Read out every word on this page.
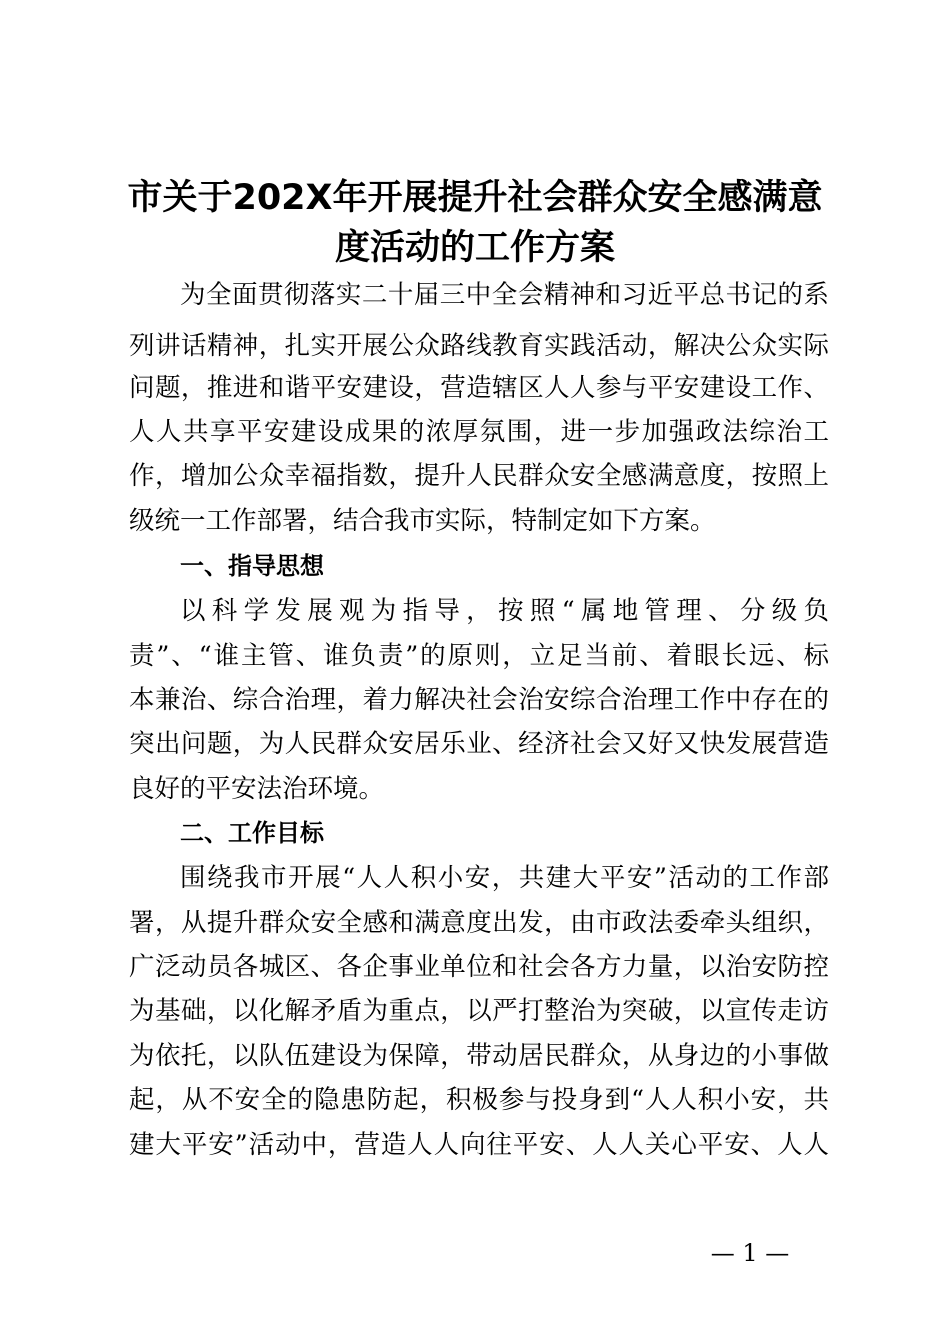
市关于202X年开展提升社会群众安全感满意
度活动的工作方案

为全面贯彻落实二十届三中全会精神和习近平总书记的系

列讲话精神，扎实开展公众路线教育实践活动，解决公众实际

问题，推进和谐平安建设，营造辖区人人参与平安建设工作、

人人共享平安建设成果的浓厚氛围，进一步加强政法综治工

作，增加公众幸福指数，提升人民群众安全感满意度，按照上

级统一工作部署，结合我市实际，特制定如下方案。

一、指导思想

以科学发展观为指导，按照“属地管理、分级负

责”、“谁主管、谁负责”的原则，立足当前、着眼长远、标

本兼治、综合治理，着力解决社会治安综合治理工作中存在的

突出问题，为人民群众安居乐业、经济社会又好又快发展营造

良好的平安法治环境。

二、工作目标

围绕我市开展“人人积小安，共建大平安”活动的工作部

署，从提升群众安全感和满意度出发，由市政法委牵头组织，

广泛动员各城区、各企事业单位和社会各方力量，以治安防控

为基础，以化解矛盾为重点，以严打整治为突破，以宣传走访

为依托，以队伍建设为保障，带动居民群众，从身边的小事做

起，从不安全的隐患防起，积极参与投身到“人人积小安，共

建大平安”活动中，营造人人向往平安、人人关心平安、人人

— 1 —
